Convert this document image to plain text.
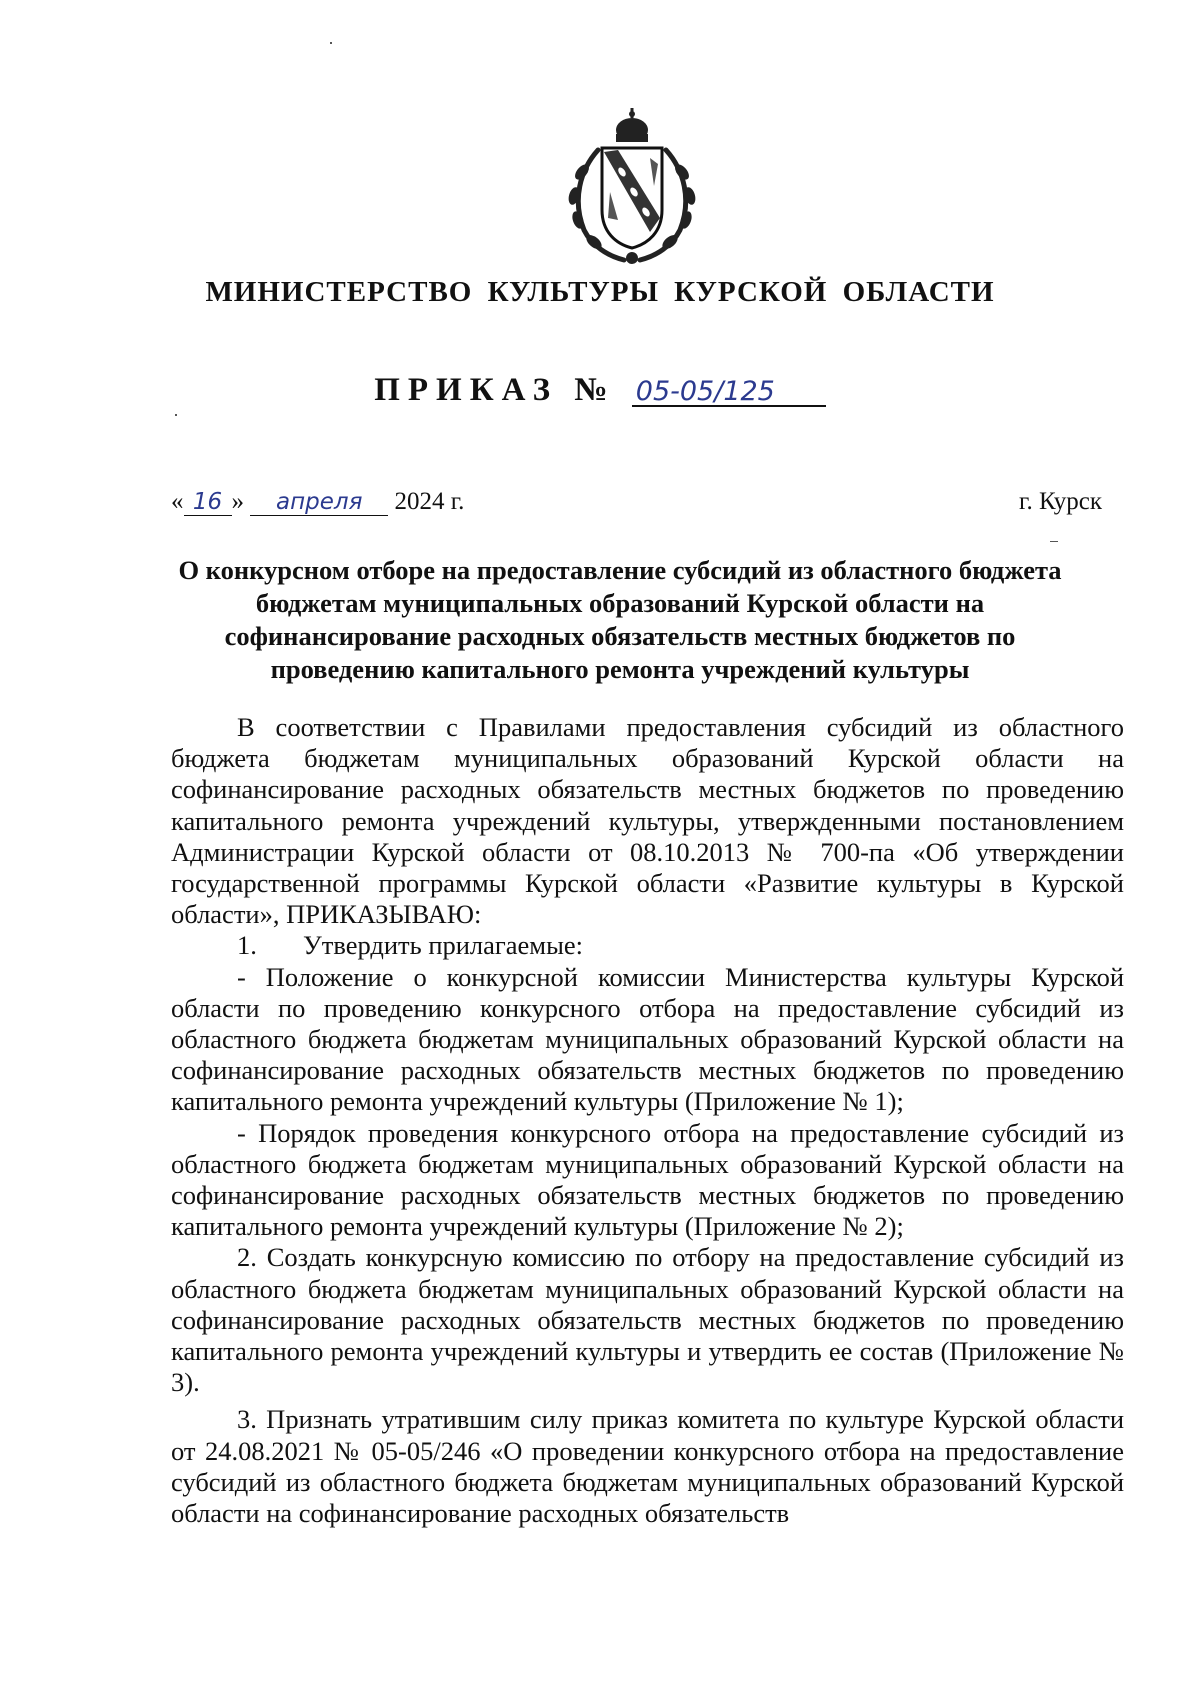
МИНИСТЕРСТВО КУЛЬТУРЫ КУРСКОЙ ОБЛАСТИ
ПРИКАЗ № 05-05/125
« 16 » апреля 2024 г.	г. Курск
О конкурсном отборе на предоставление субсидий из областного бюджета бюджетам муниципальных образований Курской области на софинансирование расходных обязательств местных бюджетов по проведению капитального ремонта учреждений культуры

В соответствии с Правилами предоставления субсидий из областного бюджета бюджетам муниципальных образований Курской области на софинансирование расходных обязательств местных бюджетов по проведению капитального ремонта учреждений культуры, утвержденными постановлением Администрации Курской области от 08.10.2013 № 700-па «Об утверждении государственной программы Курской области «Развитие культуры в Курской области», ПРИКАЗЫВАЮ:

1. Утвердить прилагаемые:

- Положение о конкурсной комиссии Министерства культуры Курской области по проведению конкурсного отбора на предоставление субсидий из областного бюджета бюджетам муниципальных образований Курской области на софинансирование расходных обязательств местных бюджетов по проведению капитального ремонта учреждений культуры (Приложение № 1);

- Порядок проведения конкурсного отбора на предоставление субсидий из областного бюджета бюджетам муниципальных образований Курской области на софинансирование расходных обязательств местных бюджетов по проведению капитального ремонта учреждений культуры (Приложение № 2);

2. Создать конкурсную комиссию по отбору на предоставление субсидий из областного бюджета бюджетам муниципальных образований Курской области на софинансирование расходных обязательств местных бюджетов по проведению капитального ремонта учреждений культуры и утвердить ее состав (Приложение № 3).

3. Признать утратившим силу приказ комитета по культуре Курской области от 24.08.2021 № 05-05/246 «О проведении конкурсного отбора на предоставление субсидий из областного бюджета бюджетам муниципальных образований Курской области на софинансирование расходных обязательств
